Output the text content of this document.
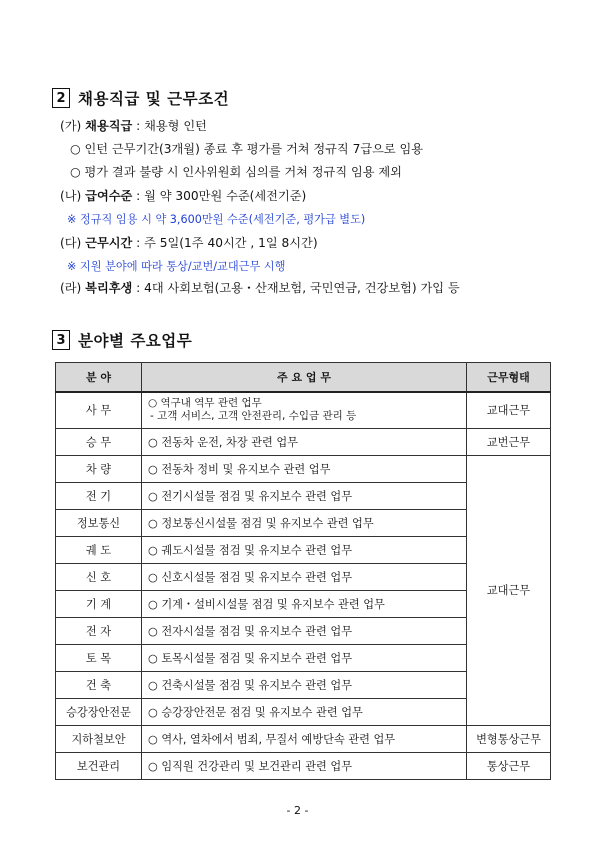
2 채용직급 및 근무조건
(가) 채용직급 : 채용형 인턴
○ 인턴 근무기간(3개월) 종료 후 평가를 거쳐 정규직 7급으로 임용
○ 평가 결과 불량 시 인사위원회 심의를 거쳐 정규직 임용 제외
(나) 급여수준 : 월 약 300만원 수준(세전기준)
※ 정규직 임용 시 약 3,600만원 수준(세전기준, 평가급 별도)
(다) 근무시간 : 주 5일(1주 40시간 , 1일 8시간)
※ 지원 분야에 따라 통상/교번/교대근무 시행
(라) 복리후생 : 4대 사회보험(고용・산재보험, 국민연금, 건강보험) 가입 등
3 분야별 주요업무
분 야	주 요 업 무	근무형태
사 무	○ 역구내 역무 관련 업무
- 고객 서비스, 고객 안전관리, 수입금 관리 등	교대근무
승 무	○ 전동차 운전, 차장 관련 업무	교번근무
차 량	○ 전동차 정비 및 유지보수 관련 업무	교대근무
전 기	○ 전기시설물 점검 및 유지보수 관련 업무	
정보통신	○ 정보통신시설물 점검 및 유지보수 관련 업무	
궤 도	○ 궤도시설물 점검 및 유지보수 관련 업무	
신 호	○ 신호시설물 점검 및 유지보수 관련 업무	
기 계	○ 기계・설비시설물 점검 및 유지보수 관련 업무	
전 자	○ 전자시설물 점검 및 유지보수 관련 업무	
토 목	○ 토목시설물 점검 및 유지보수 관련 업무	
건 축	○ 건축시설물 점검 및 유지보수 관련 업무	
승강장안전문	○ 승강장안전문 점검 및 유지보수 관련 업무	
지하철보안	○ 역사, 열차에서 범죄, 무질서 예방단속 관련 업무	변형통상근무
보건관리	○ 임직원 건강관리 및 보건관리 관련 업무	통상근무
- 2 -
